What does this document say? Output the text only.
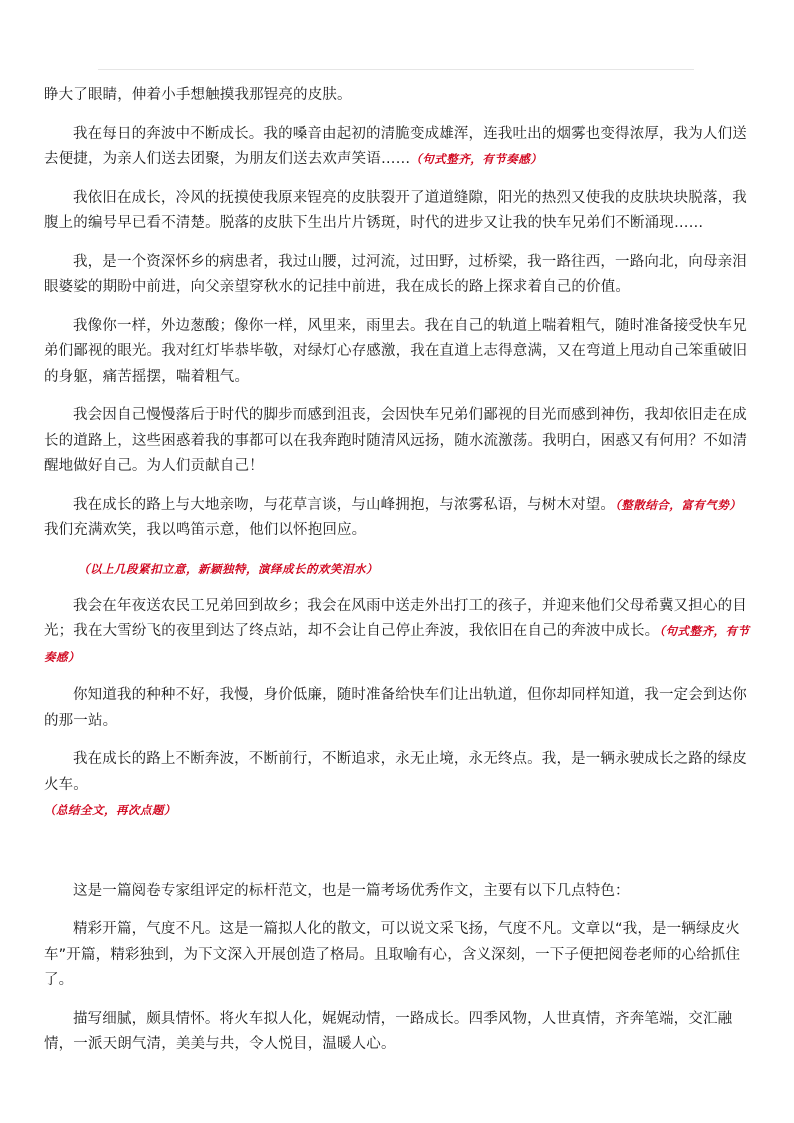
睁大了眼睛，伸着小手想触摸我那锃亮的皮肤。

我在每日的奔波中不断成长。我的嗓音由起初的清脆变成雄浑，连我吐出的烟雾也变得浓厚，我为人们送去便捷，为亲人们送去团聚，为朋友们送去欢声笑语……（句式整齐，有节奏感）

我依旧在成长，冷风的抚摸使我原来锃亮的皮肤裂开了道道缝隙，阳光的热烈又使我的皮肤块块脱落，我腹上的编号早已看不清楚。脱落的皮肤下生出片片锈斑，时代的进步又让我的快车兄弟们不断涌现……

我，是一个资深怀乡的病患者，我过山腰，过河流，过田野，过桥梁，我一路往西，一路向北，向母亲泪眼婆娑的期盼中前进，向父亲望穿秋水的记挂中前进，我在成长的路上探求着自己的价值。

我像你一样，外边葱酸；像你一样，风里来，雨里去。我在自己的轨道上喘着粗气，随时准备接受快车兄弟们鄙视的眼光。我对红灯毕恭毕敬，对绿灯心存感激，我在直道上志得意满，又在弯道上甩动自己笨重破旧的身躯，痛苦摇摆，喘着粗气。

我会因自己慢慢落后于时代的脚步而感到沮丧，会因快车兄弟们鄙视的目光而感到神伤，我却依旧走在成长的道路上，这些困惑着我的事都可以在我奔跑时随清风远扬，随水流激荡。我明白，困惑又有何用？不如清醒地做好自己。为人们贡献自己！

我在成长的路上与大地亲吻，与花草言谈，与山峰拥抱，与浓雾私语，与树木对望。（整散结合，富有气势）
我们充满欢笑，我以鸣笛示意，他们以怀抱回应。

（以上几段紧扣立意，新颖独特，演绎成长的欢笑泪水）

我会在年夜送农民工兄弟回到故乡；我会在风雨中送走外出打工的孩子，并迎来他们父母希冀又担心的目光；我在大雪纷飞的夜里到达了终点站，却不会让自己停止奔波，我依旧在自己的奔波中成长。（句式整齐，有节奏感）

你知道我的种种不好，我慢，身价低廉，随时准备给快车们让出轨道，但你却同样知道，我一定会到达你的那一站。

我在成长的路上不断奔波，不断前行，不断追求，永无止境，永无终点。我，是一辆永驶成长之路的绿皮火车。
（总结全文，再次点题）

这是一篇阅卷专家组评定的标杆范文，也是一篇考场优秀作文，主要有以下几点特色：

精彩开篇，气度不凡。这是一篇拟人化的散文，可以说文采飞扬，气度不凡。文章以“我，是一辆绿皮火车”开篇，精彩独到，为下文深入开展创造了格局。且取喻有心，含义深刻，一下子便把阅卷老师的心给抓住了。

描写细腻，颇具情怀。将火车拟人化，娓娓动情，一路成长。四季风物，人世真情，齐奔笔端，交汇融情，一派天朗气清，美美与共，令人悦目，温暖人心。
